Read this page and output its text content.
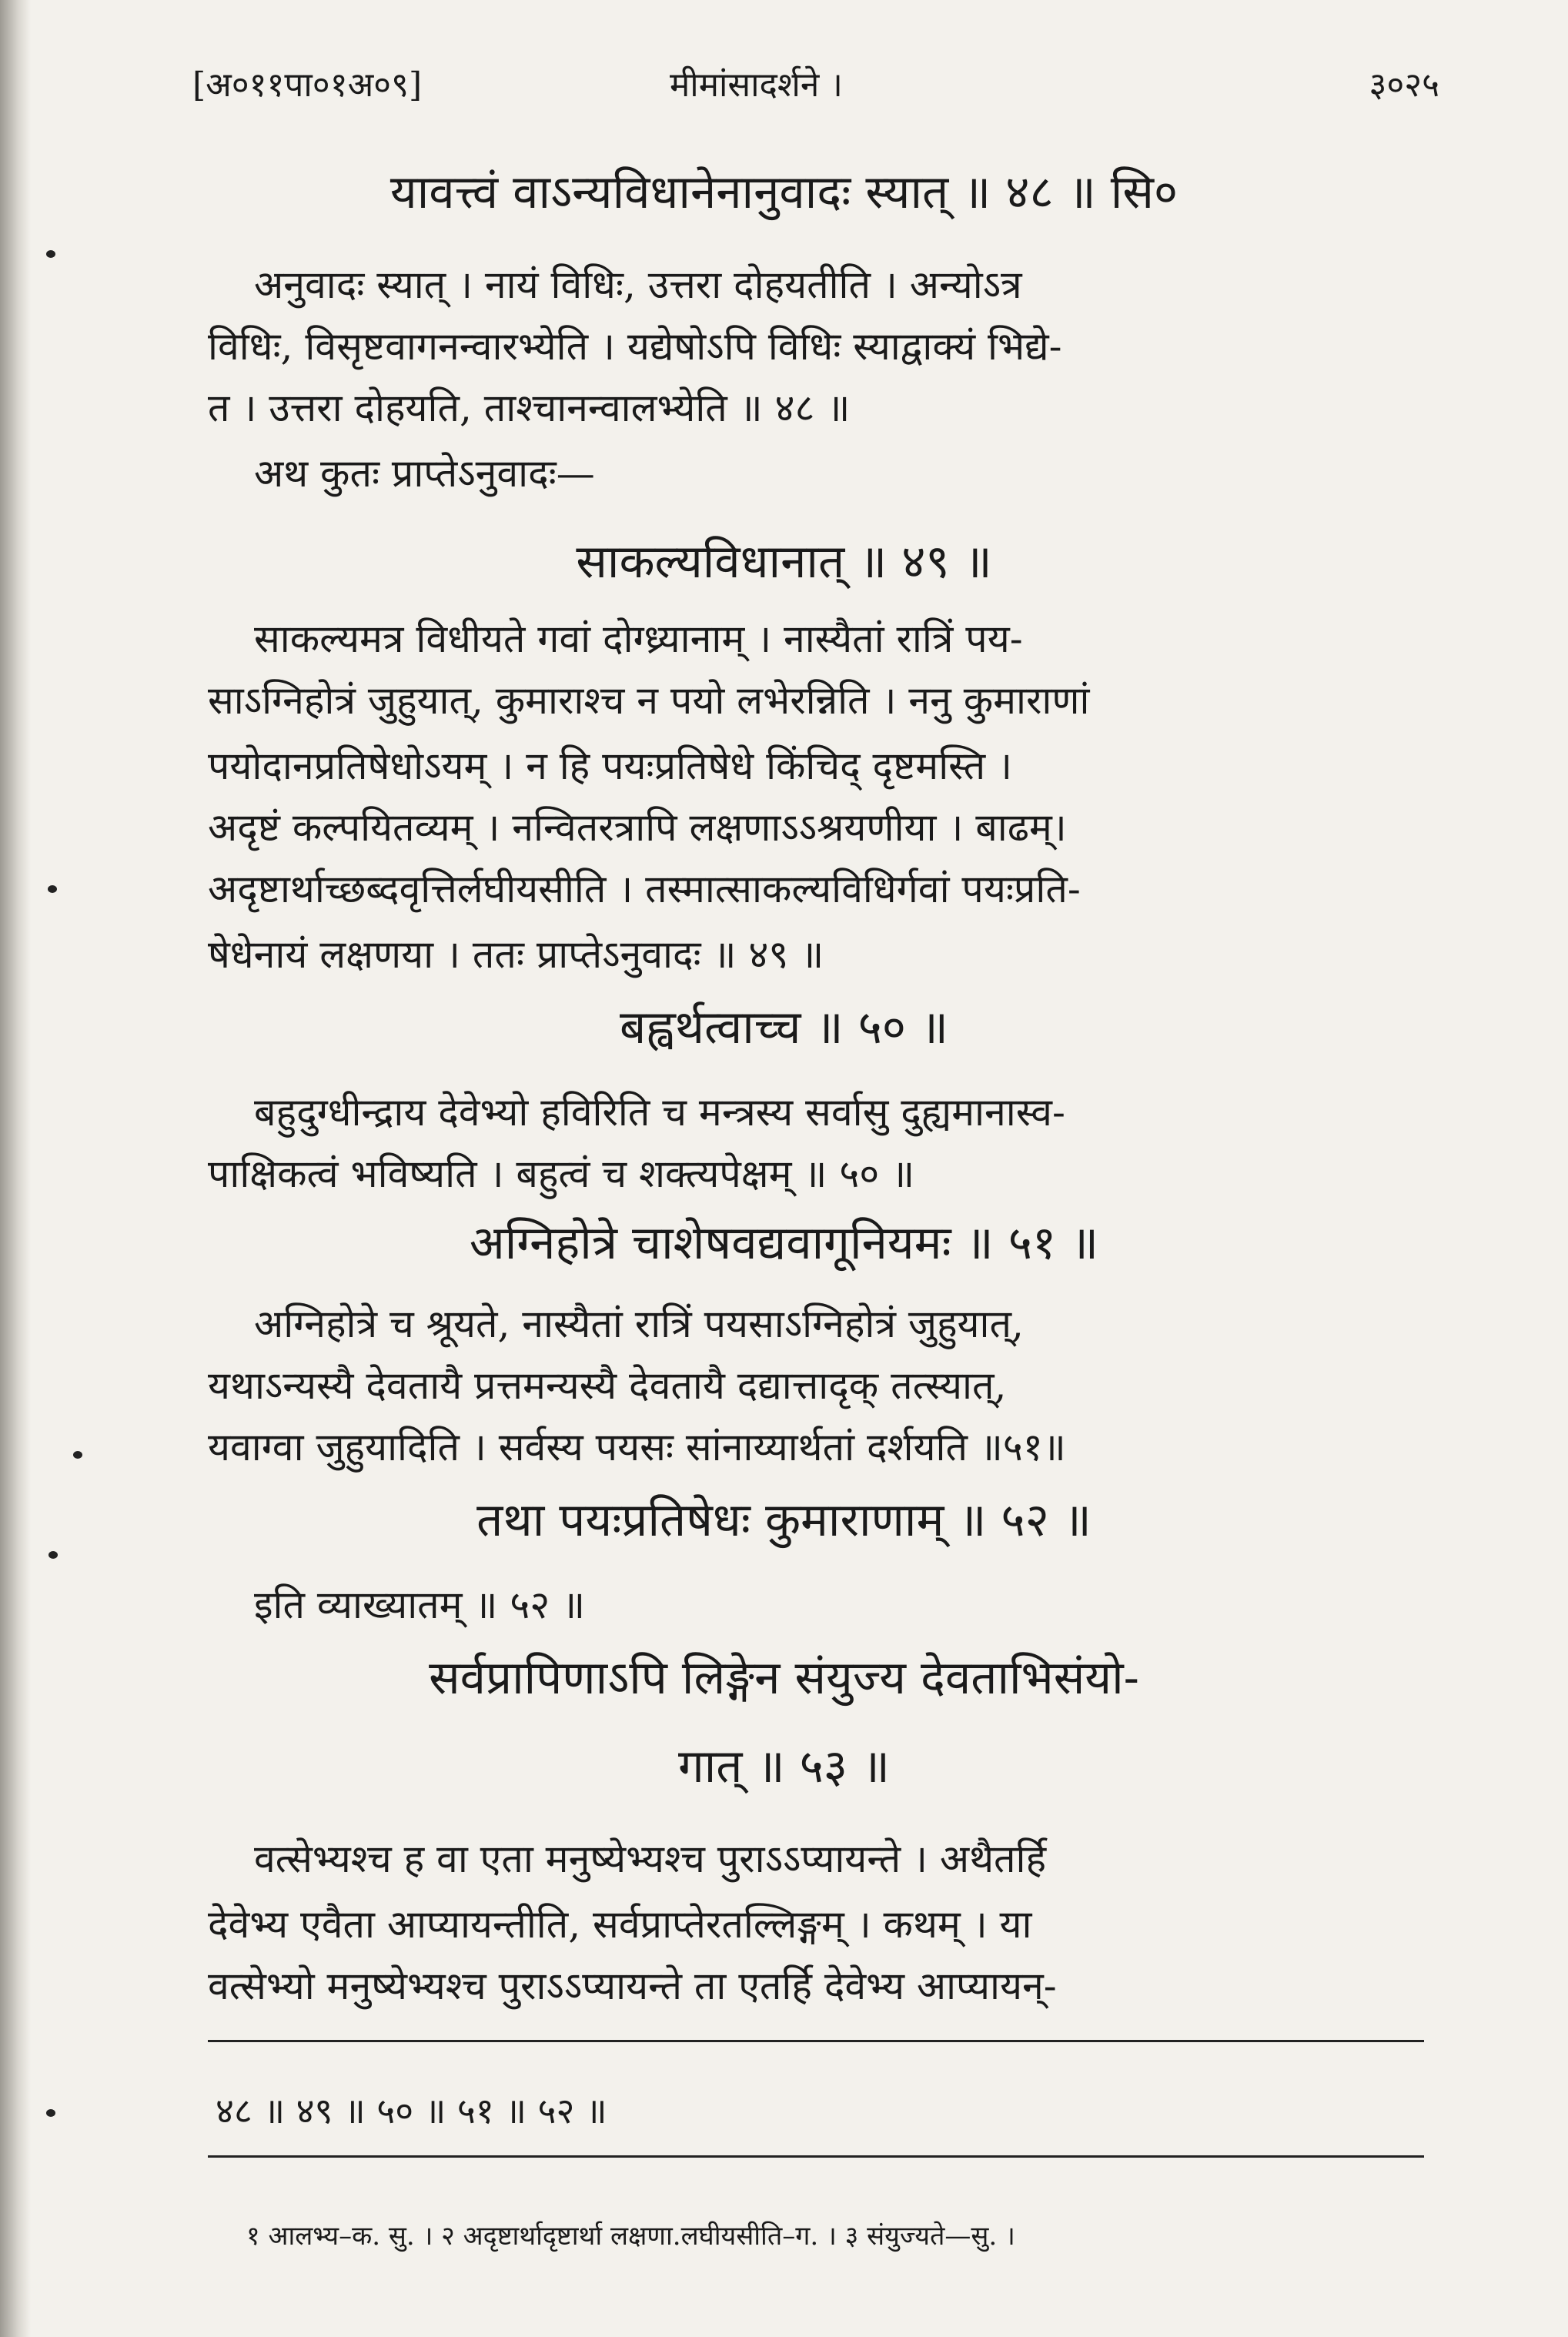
[अ०११पा०१अ०९]	मीमांसादर्शने ।	३०२५
यावत्त्वं वाऽन्यविधानेनानुवादः स्यात् ॥ ४८ ॥ सि०
अनुवादः स्यात् । नायं विधिः, उत्तरा दोहयतीति । अन्योऽत्र
विधिः, विसृष्टवागनन्वारभ्येति । यद्येषोऽपि विधिः स्याद्वाक्यं भिद्ये-
त । उत्तरा दोहयति, ताश्चानन्वालभ्येति ॥ ४८ ॥
अथ कुतः प्राप्तेऽनुवादः—
साकल्यविधानात् ॥ ४९ ॥
साकल्यमत्र विधीयते गवां दोग्ध्र्यानाम् । नास्यैतां रात्रिं पय-
साऽग्निहोत्रं जुहुयात्, कुमाराश्च न पयो लभेरन्निति । ननु कुमाराणां
पयोदानप्रतिषेधोऽयम् । न हि पयःप्रतिषेधे किंचिद् दृष्टमस्ति ।
अदृष्टं कल्पयितव्यम् । नन्वितरत्रापि लक्षणाऽऽश्रयणीया । बाढम्।
अदृष्टार्थाच्छब्दवृत्तिर्लघीयसीति । तस्मात्साकल्यविधिर्गवां पयःप्रति-
षेधेनायं लक्षणया । ततः प्राप्तेऽनुवादः ॥ ४९ ॥
बह्वर्थत्वाच्च ॥ ५० ॥
बहुदुग्धीन्द्राय देवेभ्यो हविरिति च मन्त्रस्य सर्वासु दुह्यमानास्व-
पाक्षिकत्वं भविष्यति । बहुत्वं च शक्त्यपेक्षम् ॥ ५० ॥
अग्निहोत्रे चाशेषवद्यवागूनियमः ॥ ५१ ॥
अग्निहोत्रे च श्रूयते, नास्यैतां रात्रिं पयसाऽग्निहोत्रं जुहुयात्,
यथाऽन्यस्यै देवतायै प्रत्तमन्यस्यै देवतायै दद्यात्तादृक् तत्स्यात्,
यवाग्वा जुहुयादिति । सर्वस्य पयसः सांनाय्यार्थतां दर्शयति ॥५१॥
तथा पयःप्रतिषेधः कुमाराणाम् ॥ ५२ ॥
इति व्याख्यातम् ॥ ५२ ॥
सर्वप्रापिणाऽपि लिङ्गेन संयुज्य देवताभिसंयो-
गात् ॥ ५३ ॥
वत्सेभ्यश्च ह वा एता मनुष्येभ्यश्च पुराऽऽप्यायन्ते । अथैतर्हि
देवेभ्य एवैता आप्यायन्तीति, सर्वप्राप्तेरतल्लिङ्गम् । कथम् । या
वत्सेभ्यो मनुष्येभ्यश्च पुराऽऽप्यायन्ते ता एतर्हि देवेभ्य आप्यायन्-
४८ ॥ ४९ ॥ ५० ॥ ५१ ॥ ५२ ॥
१ आलभ्य–क. सु. । २ अदृष्टार्थादृष्टार्था लक्षणा.लघीयसीति–ग. । ३ संयुज्यते—सु. ।
